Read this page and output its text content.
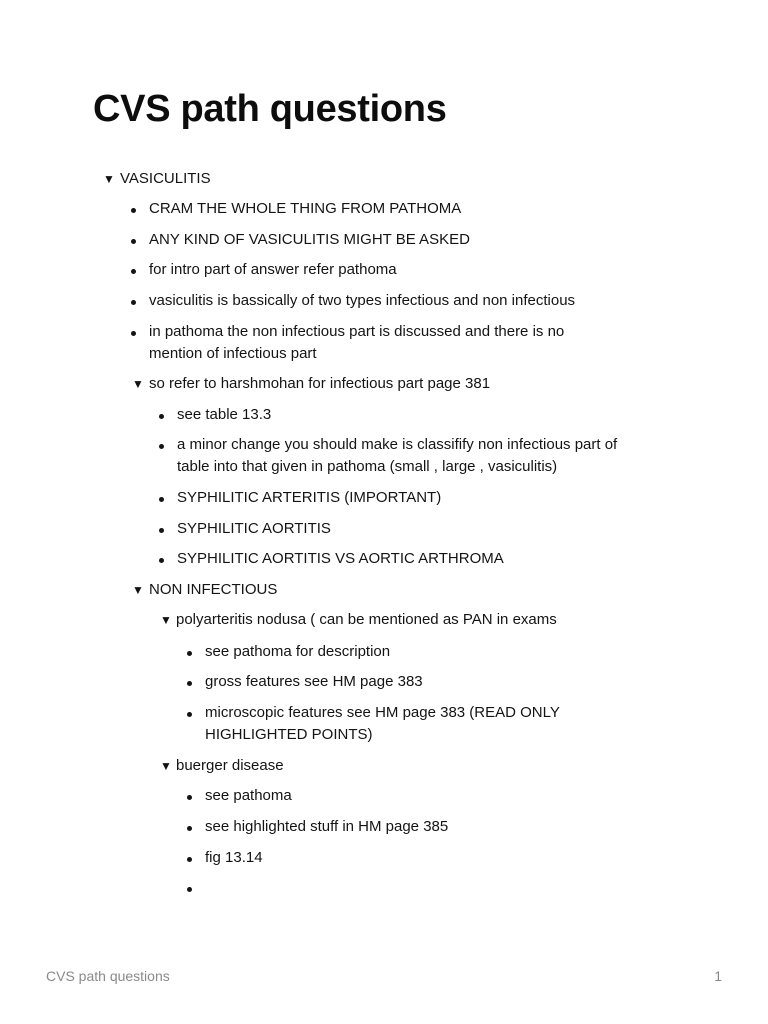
CVS path questions
▼ VASICULITIS
CRAM THE WHOLE THING FROM PATHOMA
ANY KIND OF VASICULITIS MIGHT BE ASKED
for intro part of answer refer pathoma
vasiculitis is bassically of two types infectious and non infectious
in pathoma the non infectious part is discussed and there is no
mention of infectious part
▼ so refer to harshmohan for infectious part page 381
see table 13.3
a minor change you should make is classifify non infectious part of
table into that given in pathoma (small , large , vasiculitis)
SYPHILITIC ARTERITIS (IMPORTANT)
SYPHILITIC AORTITIS
SYPHILITIC AORTITIS VS AORTIC ARTHROMA
▼ NON INFECTIOUS
▼ polyarteritis nodusa ( can be mentioned as PAN in exams
see pathoma for description
gross features see HM page 383
microscopic features see HM page 383 (READ ONLY
HIGHLIGHTED POINTS)
▼ buerger disease
see pathoma
see highlighted stuff in HM page 385
fig 13.14
CVS path questions	1
